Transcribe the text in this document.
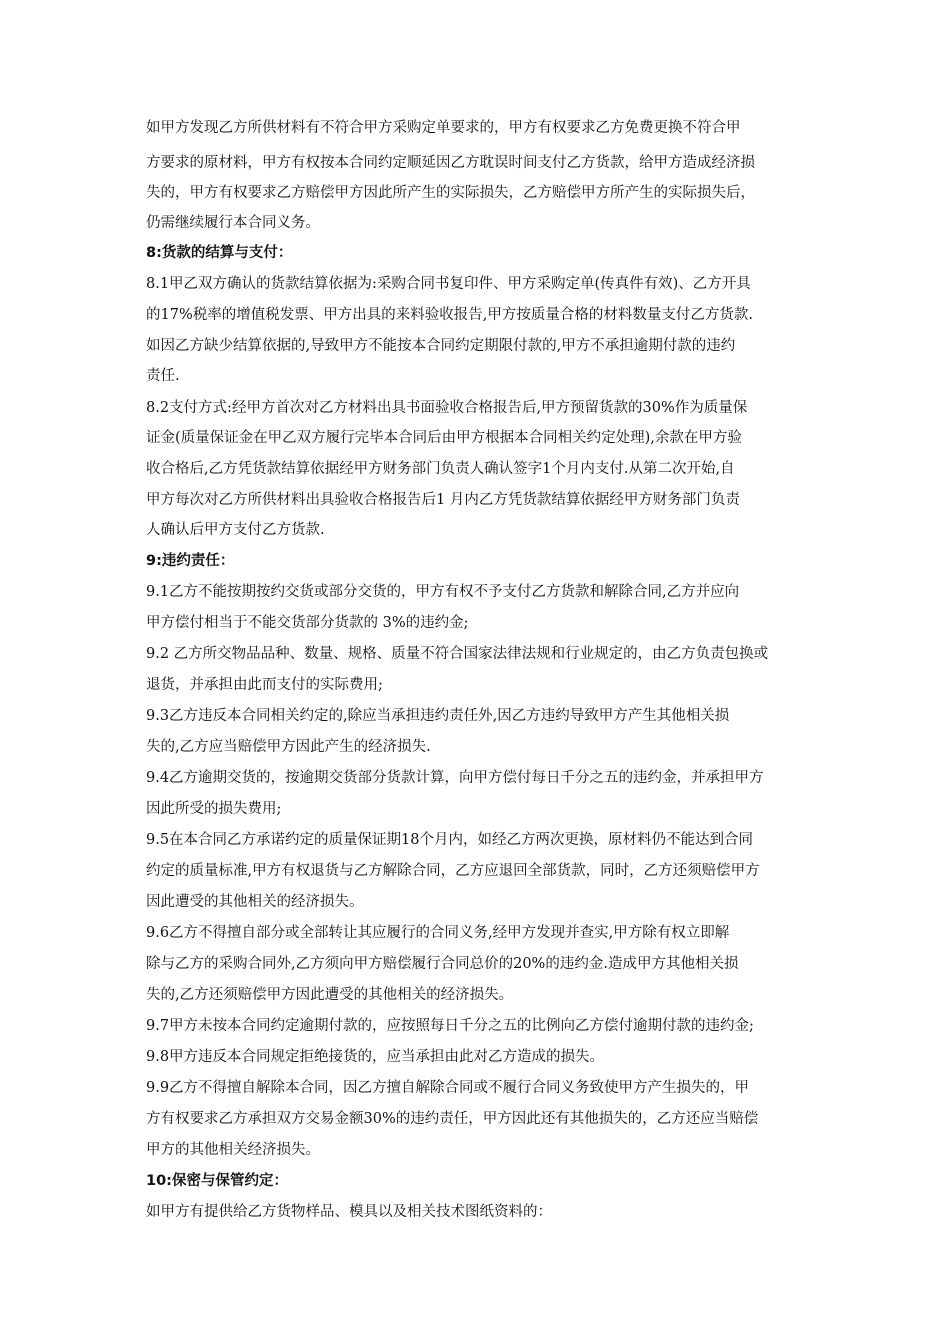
如甲方发现乙方所供材料有不符合甲方采购定单要求的，甲方有权要求乙方免费更换不符合甲
方要求的原材料，甲方有权按本合同约定顺延因乙方耽误时间支付乙方货款，给甲方造成经济损
失的，甲方有权要求乙方赔偿甲方因此所产生的实际损失，乙方赔偿甲方所产生的实际损失后，
仍需继续履行本合同义务。
8:货款的结算与支付：
8.1甲乙双方确认的货款结算依据为:采购合同书复印件、甲方采购定单(传真件有效)、乙方开具
的17%税率的增值税发票、甲方出具的来料验收报告,甲方按质量合格的材料数量支付乙方货款.
如因乙方缺少结算依据的,导致甲方不能按本合同约定期限付款的,甲方不承担逾期付款的违约
责任.
8.2支付方式:经甲方首次对乙方材料出具书面验收合格报告后,甲方预留货款的30%作为质量保
证金(质量保证金在甲乙双方履行完毕本合同后由甲方根据本合同相关约定处理),余款在甲方验
收合格后,乙方凭货款结算依据经甲方财务部门负责人确认签字1个月内支付.从第二次开始,自
甲方每次对乙方所供材料出具验收合格报告后1 月内乙方凭货款结算依据经甲方财务部门负责
人确认后甲方支付乙方货款.
9:违约责任：
9.1乙方不能按期按约交货或部分交货的，甲方有权不予支付乙方货款和解除合同,乙方并应向
甲方偿付相当于不能交货部分货款的 3%的违约金;
9.2 乙方所交物品品种、数量、规格、质量不符合国家法律法规和行业规定的，由乙方负责包换或
退货，并承担由此而支付的实际费用;
9.3乙方违反本合同相关约定的,除应当承担违约责任外,因乙方违约导致甲方产生其他相关损
失的,乙方应当赔偿甲方因此产生的经济损失.
9.4乙方逾期交货的，按逾期交货部分货款计算，向甲方偿付每日千分之五的违约金，并承担甲方
因此所受的损失费用;
9.5在本合同乙方承诺约定的质量保证期18个月内，如经乙方两次更换，原材料仍不能达到合同
约定的质量标准,甲方有权退货与乙方解除合同，乙方应退回全部货款，同时，乙方还须赔偿甲方
因此遭受的其他相关的经济损失。
9.6乙方不得擅自部分或全部转让其应履行的合同义务,经甲方发现并查实,甲方除有权立即解
除与乙方的采购合同外,乙方须向甲方赔偿履行合同总价的20%的违约金.造成甲方其他相关损
失的,乙方还须赔偿甲方因此遭受的其他相关的经济损失。
9.7甲方未按本合同约定逾期付款的，应按照每日千分之五的比例向乙方偿付逾期付款的违约金;
9.8甲方违反本合同规定拒绝接货的，应当承担由此对乙方造成的损失。
9.9乙方不得擅自解除本合同，因乙方擅自解除合同或不履行合同义务致使甲方产生损失的，甲
方有权要求乙方承担双方交易金额30%的违约责任，甲方因此还有其他损失的，乙方还应当赔偿
甲方的其他相关经济损失。
10:保密与保管约定：
如甲方有提供给乙方货物样品、模具以及相关技术图纸资料的：
